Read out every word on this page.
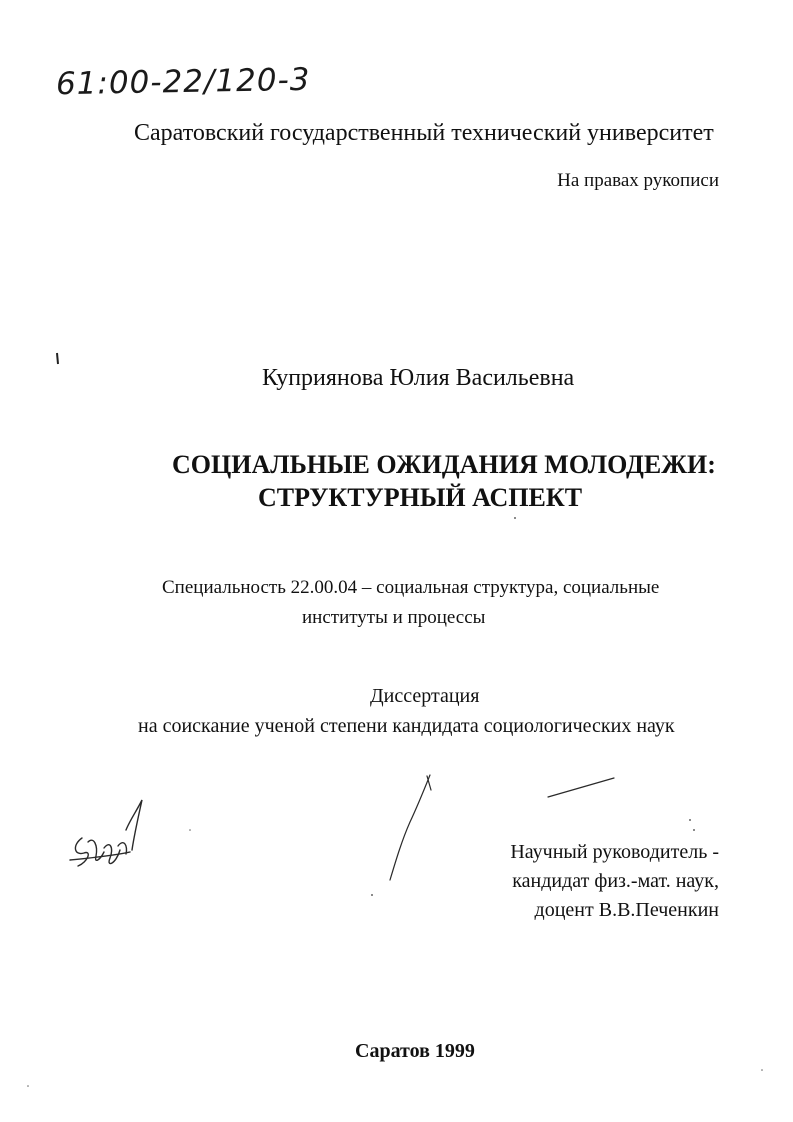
61:00-22/120-3
Саратовский государственный технический университет
На правах рукописи
Куприянова Юлия Васильевна
СОЦИАЛЬНЫЕ ОЖИДАНИЯ МОЛОДЕЖИ:
СТРУКТУРНЫЙ АСПЕКТ
Специальность 22.00.04 – социальная структура, социальные
институты и процессы
Диссертация
на соискание ученой степени кандидата социологических наук
Научный руководитель -
кандидат физ.-мат. наук,
доцент В.В.Печенкин
Саратов 1999
